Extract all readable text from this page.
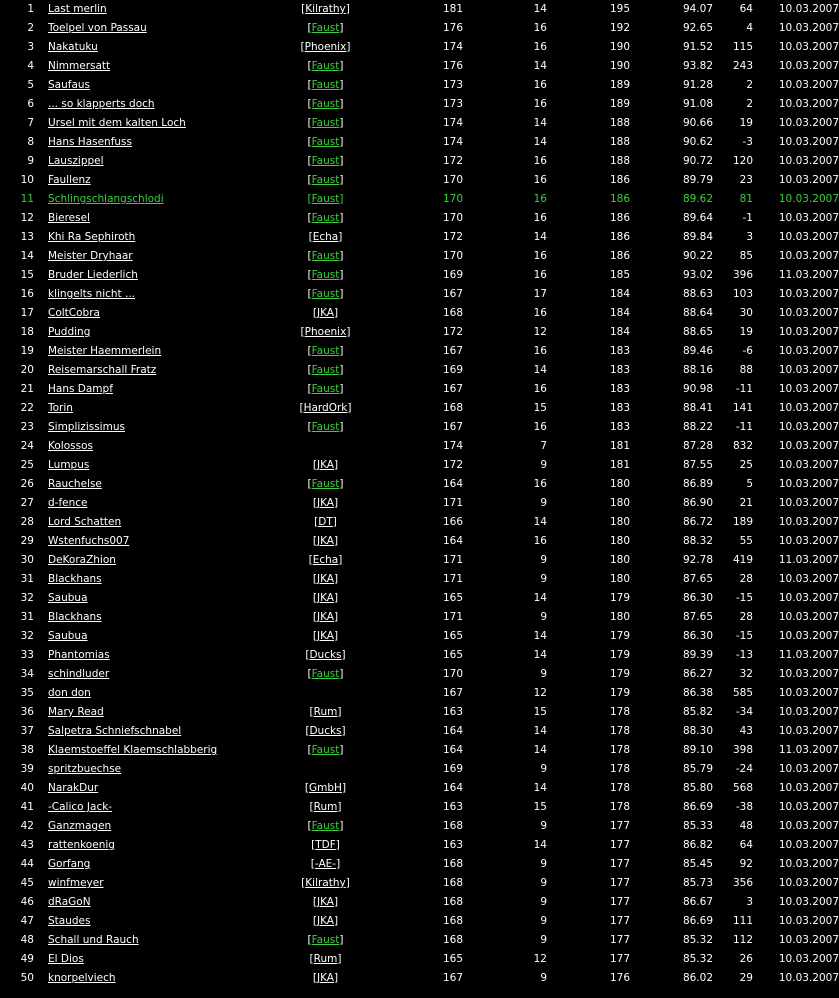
1	Last merlin	[Kilrathy]	181	14	195	94.07	64	10.03.2007
2	Toelpel von Passau	[Faust]	176	16	192	92.65	4	10.03.2007
3	Nakatuku	[Phoenix]	174	16	190	91.52	115	10.03.2007
4	Nimmersatt	[Faust]	176	14	190	93.82	243	10.03.2007
5	Saufaus	[Faust]	173	16	189	91.28	2	10.03.2007
6	... so klapperts doch	[Faust]	173	16	189	91.08	2	10.03.2007
7	Ursel mit dem kalten Loch	[Faust]	174	14	188	90.66	19	10.03.2007
8	Hans Hasenfuss	[Faust]	174	14	188	90.62	-3	10.03.2007
9	Lauszippel	[Faust]	172	16	188	90.72	120	10.03.2007
10	Faullenz	[Faust]	170	16	186	89.79	23	10.03.2007
11	Schlingschlangschlodi	[Faust]	170	16	186	89.62	81	10.03.2007
12	Bieresel	[Faust]	170	16	186	89.64	-1	10.03.2007
13	Khi Ra Sephiroth	[Echa]	172	14	186	89.84	3	10.03.2007
14	Meister Dryhaar	[Faust]	170	16	186	90.22	85	10.03.2007
15	Bruder Liederlich	[Faust]	169	16	185	93.02	396	11.03.2007
16	klingelts nicht ...	[Faust]	167	17	184	88.63	103	10.03.2007
17	ColtCobra	[JKA]	168	16	184	88.64	30	10.03.2007
18	Pudding	[Phoenix]	172	12	184	88.65	19	10.03.2007
19	Meister Haemmerlein	[Faust]	167	16	183	89.46	-6	10.03.2007
20	Reisemarschall Fratz	[Faust]	169	14	183	88.16	88	10.03.2007
21	Hans Dampf	[Faust]	167	16	183	90.98	-11	10.03.2007
22	Torin	[HardOrk]	168	15	183	88.41	141	10.03.2007
23	Simplizissimus	[Faust]	167	16	183	88.22	-11	10.03.2007
24	Kolossos		174	7	181	87.28	832	10.03.2007
25	Lumpus	[JKA]	172	9	181	87.55	25	10.03.2007
26	Rauchelse	[Faust]	164	16	180	86.89	5	10.03.2007
27	d-fence	[JKA]	171	9	180	86.90	21	10.03.2007
28	Lord Schatten	[DT]	166	14	180	86.72	189	10.03.2007
29	Wstenfuchs007	[JKA]	164	16	180	88.32	55	10.03.2007
30	DeKoraZhion	[Echa]	171	9	180	92.78	419	11.03.2007
31	Blackhans	[JKA]	171	9	180	87.65	28	10.03.2007
32	Saubua	[JKA]	165	14	179	86.30	-15	10.03.2007
31	Blackhans	[JKA]	171	9	180	87.65	28	10.03.2007
32	Saubua	[JKA]	165	14	179	86.30	-15	10.03.2007
33	Phantomias	[Ducks]	165	14	179	89.39	-13	11.03.2007
34	schindluder	[Faust]	170	9	179	86.27	32	10.03.2007
35	don don		167	12	179	86.38	585	10.03.2007
36	Mary Read	[Rum]	163	15	178	85.82	-34	10.03.2007
37	Salpetra Schniefschnabel	[Ducks]	164	14	178	88.30	43	10.03.2007
38	Klaemstoeffel Klaemschlabberig	[Faust]	164	14	178	89.10	398	11.03.2007
39	spritzbuechse		169	9	178	85.79	-24	10.03.2007
40	NarakDur	[GmbH]	164	14	178	85.80	568	10.03.2007
41	-Calico Jack-	[Rum]	163	15	178	86.69	-38	10.03.2007
42	Ganzmagen	[Faust]	168	9	177	85.33	48	10.03.2007
43	rattenkoenig	[TDF]	163	14	177	86.82	64	10.03.2007
44	Gorfang	[-AE-]	168	9	177	85.45	92	10.03.2007
45	winfmeyer	[Kilrathy]	168	9	177	85.73	356	10.03.2007
46	dRaGoN	[JKA]	168	9	177	86.67	3	10.03.2007
47	Staudes	[JKA]	168	9	177	86.69	111	10.03.2007
48	Schall und Rauch	[Faust]	168	9	177	85.32	112	10.03.2007
49	El Dios	[Rum]	165	12	177	85.32	26	10.03.2007
50	knorpelviech	[JKA]	167	9	176	86.02	29	10.03.2007
